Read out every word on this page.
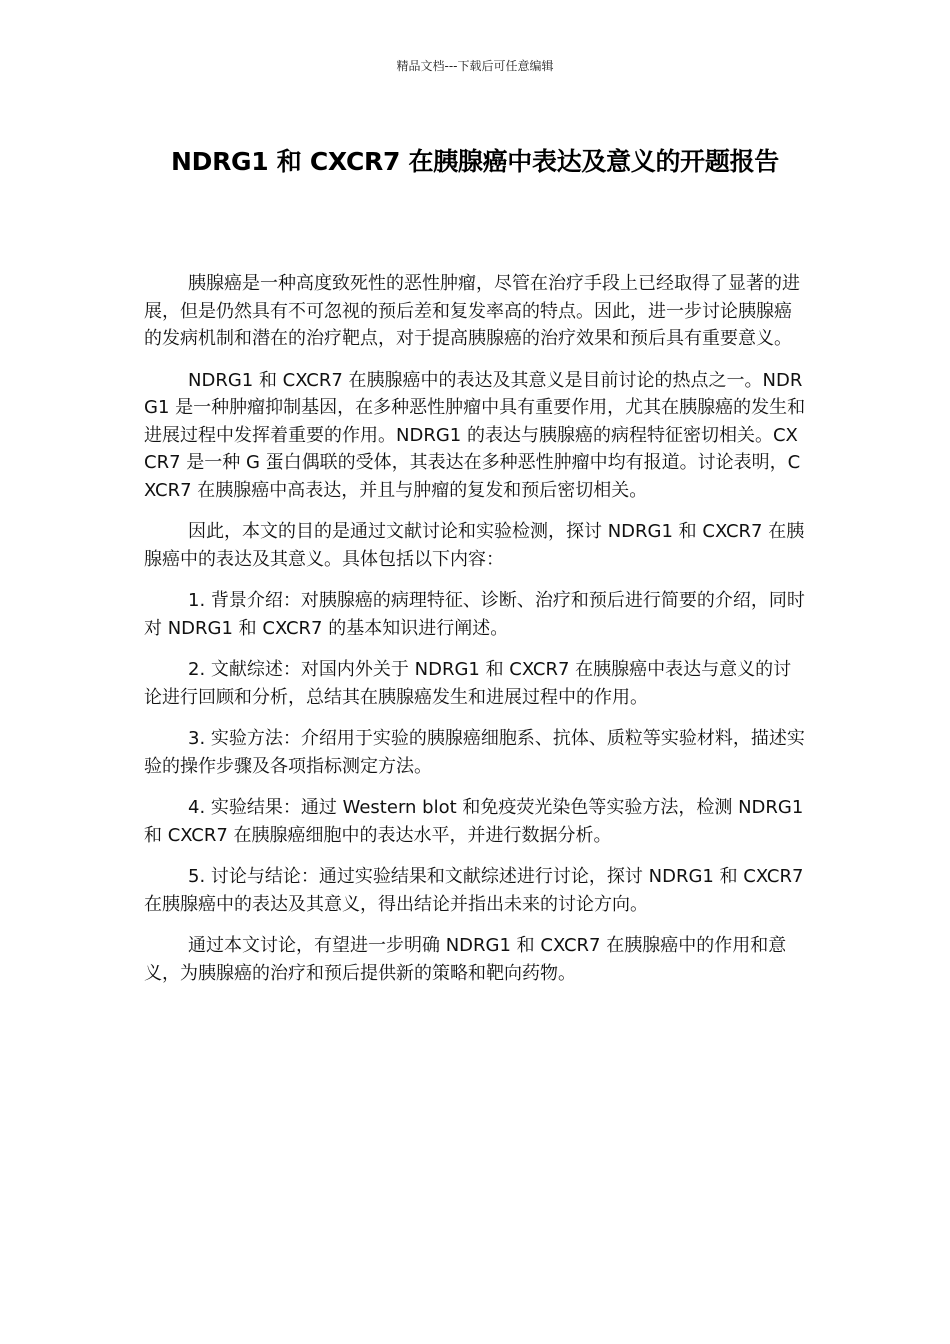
精品文档---下载后可任意编辑
NDRG1 和 CXCR7 在胰腺癌中表达及意义的开题报告

胰腺癌是一种高度致死性的恶性肿瘤，尽管在治疗手段上已经取得了显著的进展，但是仍然具有不可忽视的预后差和复发率高的特点。因此，进一步讨论胰腺癌的发病机制和潜在的治疗靶点，对于提高胰腺癌的治疗效果和预后具有重要意义。

NDRG1 和 CXCR7 在胰腺癌中的表达及其意义是目前讨论的热点之一。NDRG1 是一种肿瘤抑制基因，在多种恶性肿瘤中具有重要作用，尤其在胰腺癌的发生和进展过程中发挥着重要的作用。NDRG1 的表达与胰腺癌的病程特征密切相关。CXCR7 是一种 G 蛋白偶联的受体，其表达在多种恶性肿瘤中均有报道。讨论表明，CXCR7 在胰腺癌中高表达，并且与肿瘤的复发和预后密切相关。

因此，本文的目的是通过文献讨论和实验检测，探讨 NDRG1 和 CXCR7 在胰腺癌中的表达及其意义。具体包括以下内容：

1. 背景介绍：对胰腺癌的病理特征、诊断、治疗和预后进行简要的介绍，同时对 NDRG1 和 CXCR7 的基本知识进行阐述。

2. 文献综述：对国内外关于 NDRG1 和 CXCR7 在胰腺癌中表达与意义的讨论进行回顾和分析，总结其在胰腺癌发生和进展过程中的作用。

3. 实验方法：介绍用于实验的胰腺癌细胞系、抗体、质粒等实验材料，描述实验的操作步骤及各项指标测定方法。

4. 实验结果：通过 Western blot 和免疫荧光染色等实验方法，检测 NDRG1 和 CXCR7 在胰腺癌细胞中的表达水平，并进行数据分析。

5. 讨论与结论：通过实验结果和文献综述进行讨论，探讨 NDRG1 和 CXCR7 在胰腺癌中的表达及其意义，得出结论并指出未来的讨论方向。

通过本文讨论，有望进一步明确 NDRG1 和 CXCR7 在胰腺癌中的作用和意义，为胰腺癌的治疗和预后提供新的策略和靶向药物。
